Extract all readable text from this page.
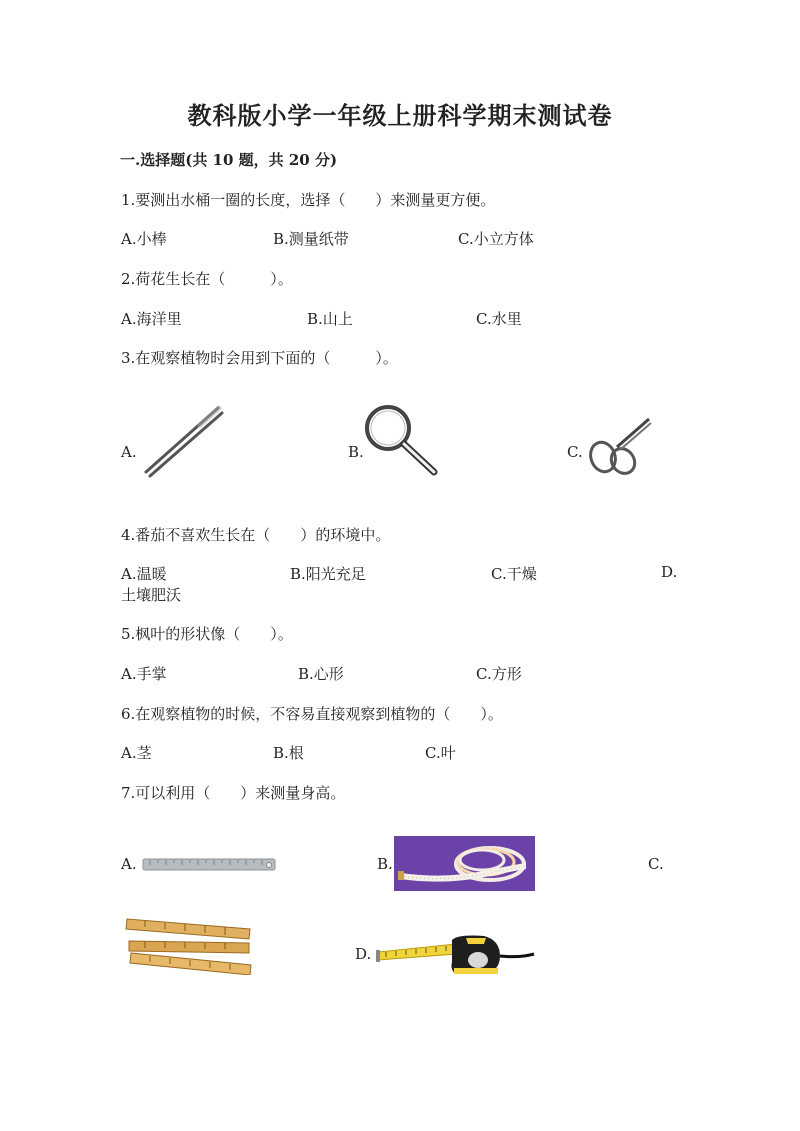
教科版小学一年级上册科学期末测试卷
一.选择题(共 10 题，共 20 分)
1.要测出水桶一圈的长度，选择（　　）来测量更方便。
A.小棒	B.测量纸带	C.小立方体
2.荷花生长在（　　　）。
A.海洋里	B.山上	C.水里
3.在观察植物时会用到下面的（　　　）。
A.	B.	C.
4.番茄不喜欢生长在（　　）的环境中。
A.温暖	B.阳光充足	C.干燥	D.
土壤肥沃
5.枫叶的形状像（　　）。
A.手掌	B.心形	C.方形
6.在观察植物的时候，不容易直接观察到植物的（　　）。
A.茎	B.根	C.叶
7.可以利用（　　）来测量身高。
A.	B.	C.
D.
